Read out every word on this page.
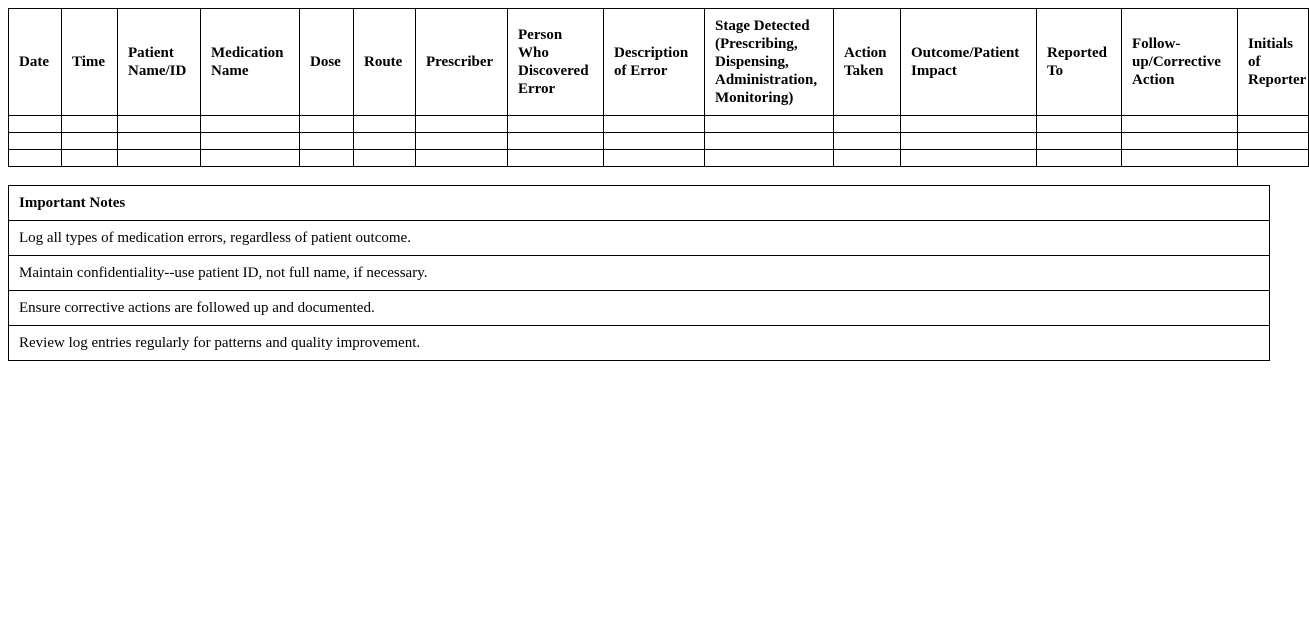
Date	Time	Patient Name/ID	Medication Name	Dose	Route	Prescriber	Person Who Discovered Error	Description of Error	Stage Detected (Prescribing, Dispensing, Administration, Monitoring)	Action Taken	Outcome/Patient Impact	Reported To	Follow-up/Corrective Action	Initials of Reporter

Important Notes
Log all types of medication errors, regardless of patient outcome.
Maintain confidentiality--use patient ID, not full name, if necessary.
Ensure corrective actions are followed up and documented.
Review log entries regularly for patterns and quality improvement.
